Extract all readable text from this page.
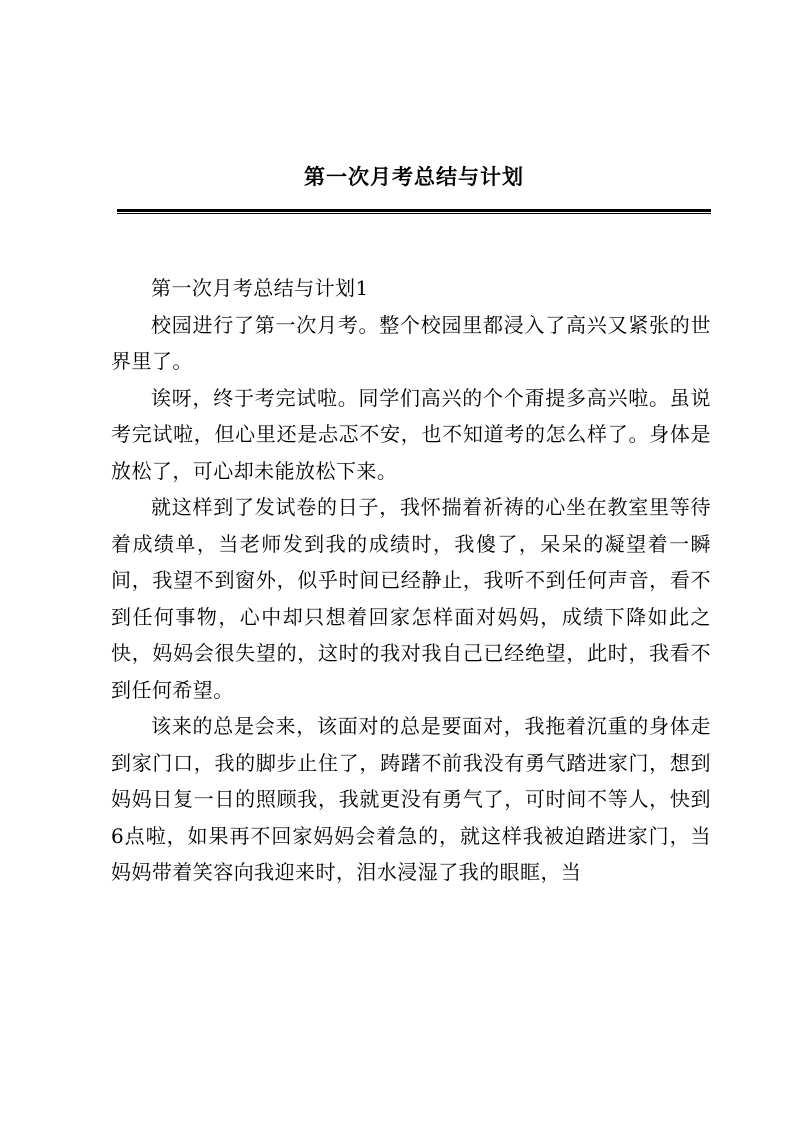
第一次月考总结与计划

第一次月考总结与计划1

校园进行了第一次月考。整个校园里都浸入了高兴又紧张的世界里了。

诶呀，终于考完试啦。同学们高兴的个个甭提多高兴啦。虽说考完试啦，但心里还是忐忑不安，也不知道考的怎么样了。身体是放松了，可心却未能放松下来。

就这样到了发试卷的日子，我怀揣着祈祷的心坐在教室里等待着成绩单，当老师发到我的成绩时，我傻了，呆呆的凝望着一瞬间，我望不到窗外，似乎时间已经静止，我听不到任何声音，看不到任何事物，心中却只想着回家怎样面对妈妈，成绩下降如此之快，妈妈会很失望的，这时的我对我自己已经绝望，此时，我看不到任何希望。

该来的总是会来，该面对的总是要面对，我拖着沉重的身体走到家门口，我的脚步止住了，踌躇不前我没有勇气踏进家门，想到妈妈日复一日的照顾我，我就更没有勇气了，可时间不等人，快到6点啦，如果再不回家妈妈会着急的，就这样我被迫踏进家门，当妈妈带着笑容向我迎来时，泪水浸湿了我的眼眶，当
